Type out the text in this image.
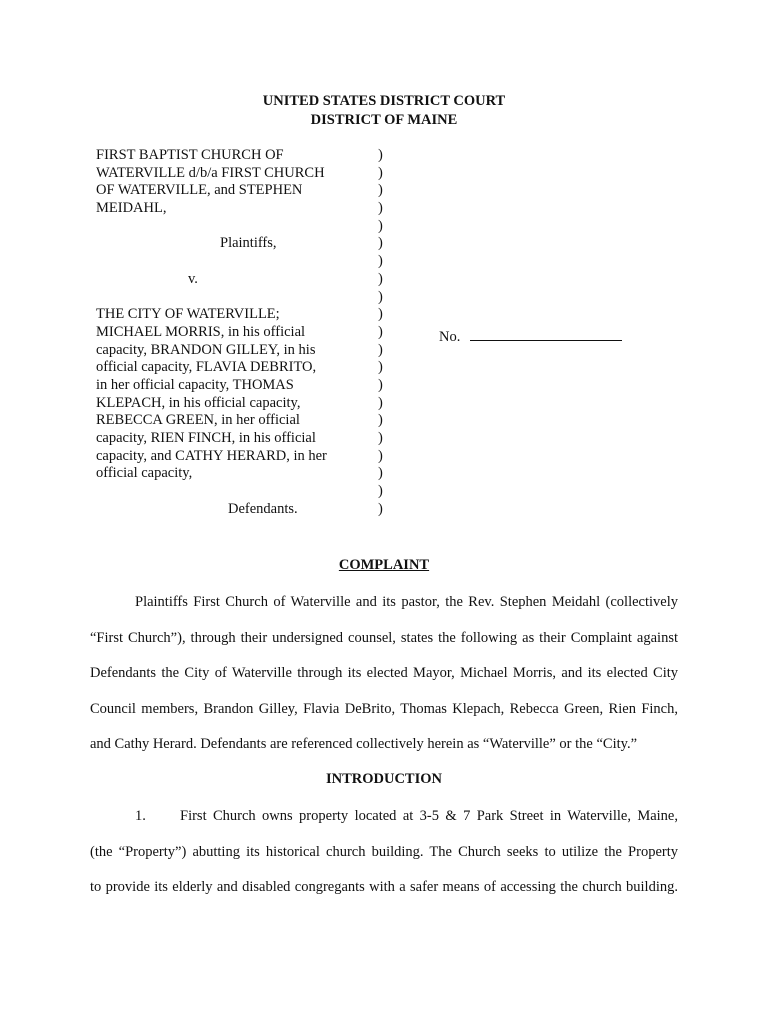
UNITED STATES DISTRICT COURT
DISTRICT OF MAINE
FIRST BAPTIST CHURCH OF
WATERVILLE d/b/a FIRST CHURCH
OF WATERVILLE, and STEPHEN
MEIDAHL,
Plaintiffs,
v.
THE CITY OF WATERVILLE;
MICHAEL MORRIS, in his official
capacity, BRANDON GILLEY, in his
official capacity, FLAVIA DEBRITO,
in her official capacity, THOMAS
KLEPACH, in his official capacity,
REBECCA GREEN, in her official
capacity, RIEN FINCH, in his official
capacity, and CATHY HERARD, in her
official capacity,
Defendants.
)
)
)
)
)
)
)
)
)
)
)
)
)
)
)
)
)
)
)
)
)
No.
COMPLAINT
Plaintiffs First Church of Waterville and its pastor, the Rev. Stephen Meidahl (collectively
“First Church”), through their undersigned counsel, states the following as their Complaint against
Defendants the City of Waterville through its elected Mayor, Michael Morris, and its elected City
Council members, Brandon Gilley, Flavia DeBrito, Thomas Klepach, Rebecca Green, Rien Finch,
and Cathy Herard. Defendants are referenced collectively herein as “Waterville” or the “City.”
INTRODUCTION
1. First Church owns property located at 3-5 & 7 Park Street in Waterville, Maine,
(the “Property”) abutting its historical church building. The Church seeks to utilize the Property
to provide its elderly and disabled congregants with a safer means of accessing the church building.
